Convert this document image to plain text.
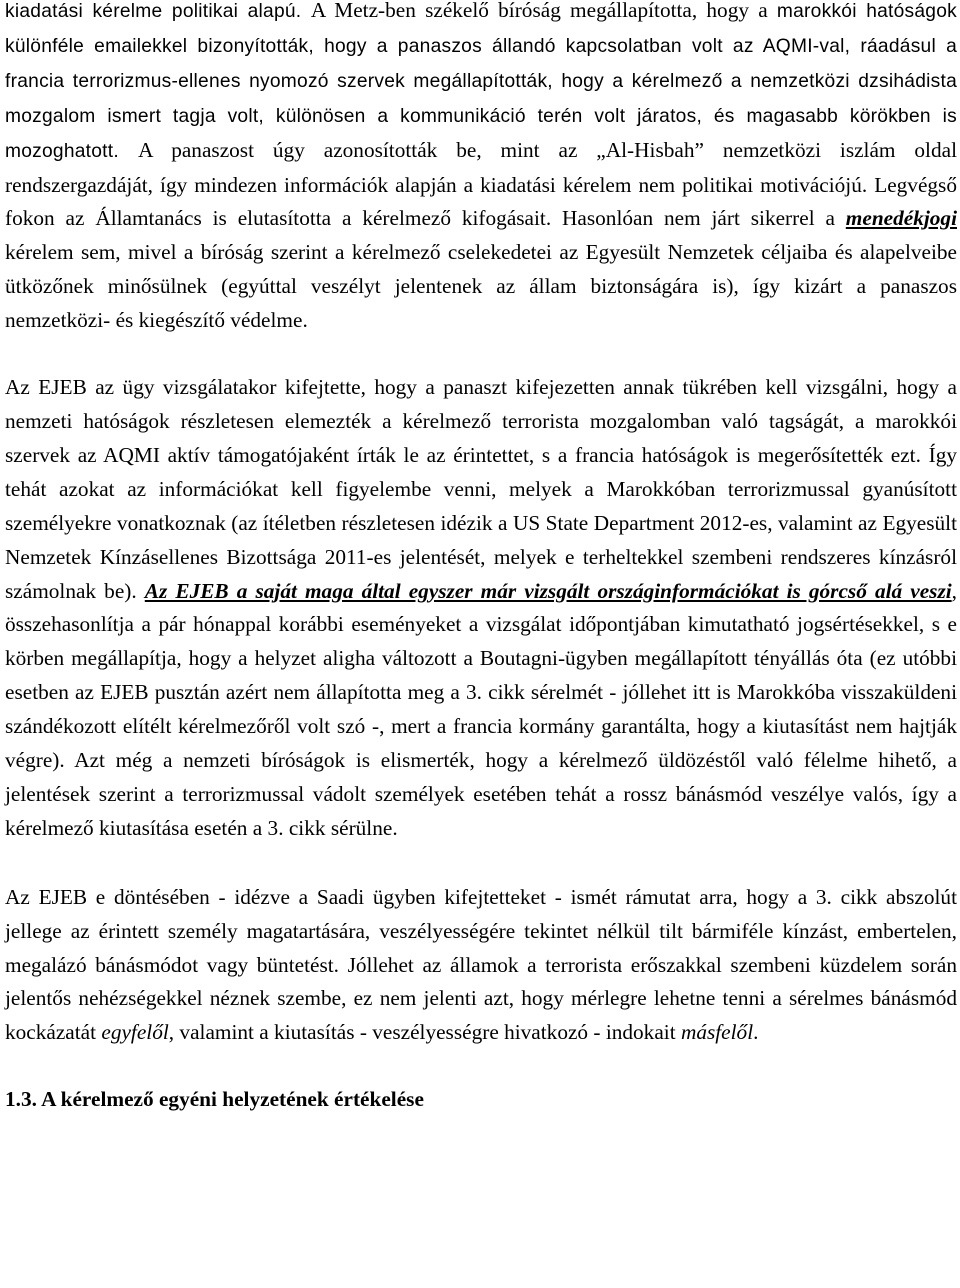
kiadatási kérelme politikai alapú. A Metz-ben székelő bíróság megállapította, hogy a marokkói hatóságok különféle emailekkel bizonyították, hogy a panaszos állandó kapcsolatban volt az AQMI-val, ráadásul a francia terrorizmus-ellenes nyomozó szervek megállapították, hogy a kérelmező a nemzetközi dzsihádista mozgalom ismert tagja volt, különösen a kommunikáció terén volt járatos, és magasabb körökben is mozoghatott. A panaszost úgy azonosították be, mint az „Al-Hisbah” nemzetközi iszlám oldal rendszergazdáját, így mindezen információk alapján a kiadatási kérelem nem politikai motivációjú. Legvégső fokon az Államtanács is elutasította a kérelmező kifogásait. Hasonlóan nem járt sikerrel a menedékjogi kérelem sem, mivel a bíróság szerint a kérelmező cselekedetei az Egyesült Nemzetek céljaiba és alapelveibe ütközőnek minősülnek (egyúttal veszélyt jelentenek az állam biztonságára is), így kizárt a panaszos nemzetközi- és kiegészítő védelme.

Az EJEB az ügy vizsgálatakor kifejtette, hogy a panaszt kifejezetten annak tükrében kell vizsgálni, hogy a nemzeti hatóságok részletesen elemezték a kérelmező terrorista mozgalomban való tagságát, a marokkói szervek az AQMI aktív támogatójaként írták le az érintettet, s a francia hatóságok is megerősítették ezt. Így tehát azokat az információkat kell figyelembe venni, melyek a Marokkóban terrorizmussal gyanúsított személyekre vonatkoznak (az ítéletben részletesen idézik a US State Department 2012-es, valamint az Egyesült Nemzetek Kínzásellenes Bizottsága 2011-es jelentését, melyek e terheltekkel szembeni rendszeres kínzásról számolnak be). Az EJEB a saját maga által egyszer már vizsgált országinformációkat is górcső alá veszi, összehasonlítja a pár hónappal korábbi eseményeket a vizsgálat időpontjában kimutatható jogsértésekkel, s e körben megállapítja, hogy a helyzet aligha változott a Boutagni-ügyben megállapított tényállás óta (ez utóbbi esetben az EJEB pusztán azért nem állapította meg a 3. cikk sérelmét - jóllehet itt is Marokkóba visszaküldeni szándékozott elítélt kérelmezőről volt szó -, mert a francia kormány garantálta, hogy a kiutasítást nem hajtják végre). Azt még a nemzeti bíróságok is elismerték, hogy a kérelmező üldözéstől való félelme hihető, a jelentések szerint a terrorizmussal vádolt személyek esetében tehát a rossz bánásmód veszélye valós, így a kérelmező kiutasítása esetén a 3. cikk sérülne.

Az EJEB e döntésében - idézve a Saadi ügyben kifejtetteket - ismét rámutat arra, hogy a 3. cikk abszolút jellege az érintett személy magatartására, veszélyességére tekintet nélkül tilt bármiféle kínzást, embertelen, megalázó bánásmódot vagy büntetést. Jóllehet az államok a terrorista erőszakkal szembeni küzdelem során jelentős nehézségekkel néznek szembe, ez nem jelenti azt, hogy mérlegre lehetne tenni a sérelmes bánásmód kockázatát egyfelől, valamint a kiutasítás - veszélyességre hivatkozó - indokait másfelől.

1.3. A kérelmező egyéni helyzetének értékelése
